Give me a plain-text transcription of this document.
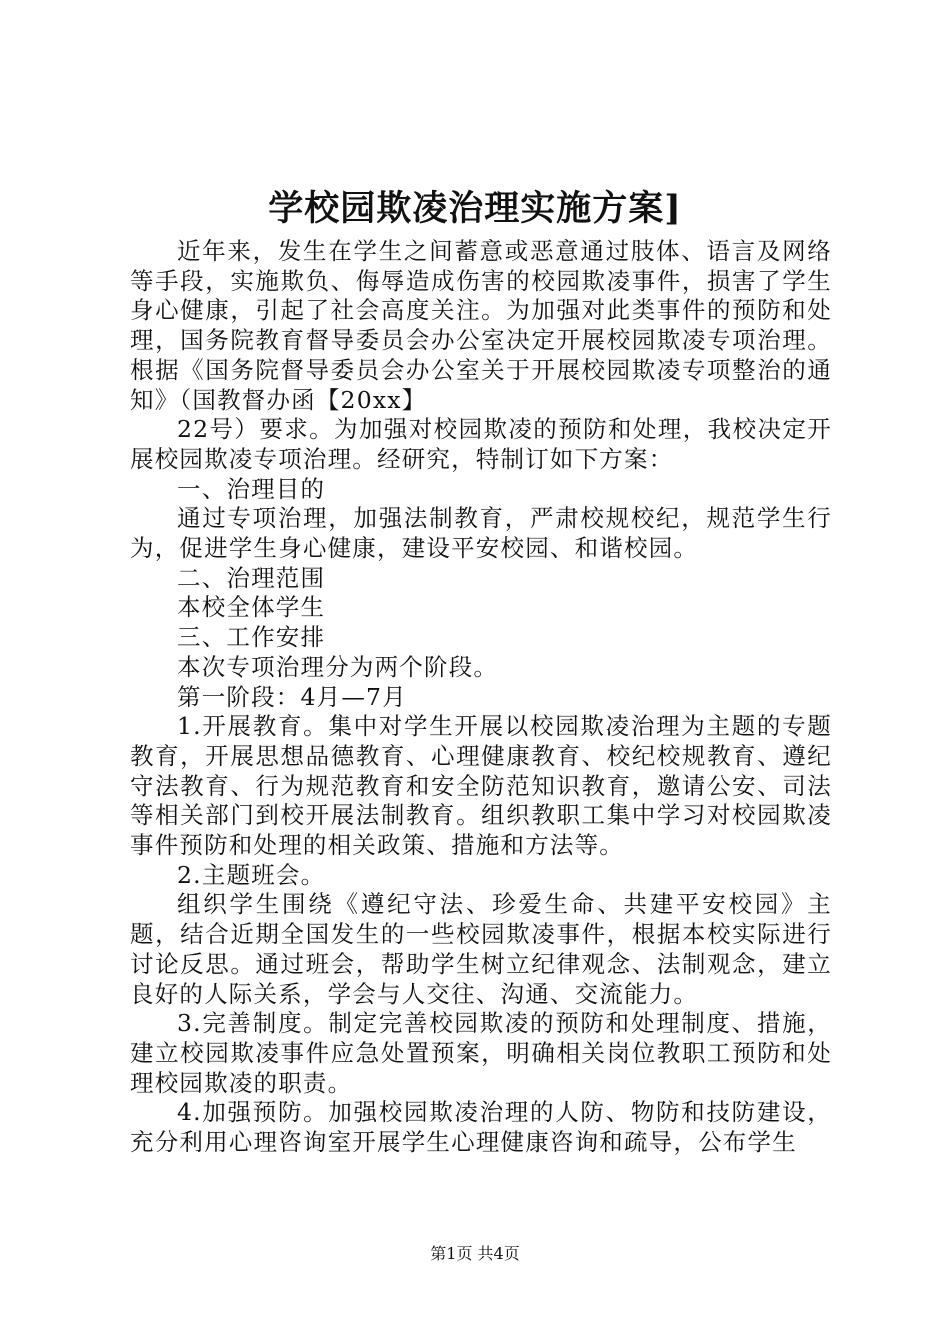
学校园欺凌治理实施方案]

近年来，发生在学生之间蓄意或恶意通过肢体、语言及网络等手段，实施欺负、侮辱造成伤害的校园欺凌事件，损害了学生身心健康，引起了社会高度关注。为加强对此类事件的预防和处理，国务院教育督导委员会办公室决定开展校园欺凌专项治理。根据《国务院督导委员会办公室关于开展校园欺凌专项整治的通知》（国教督办函【20xx】

22号）要求。为加强对校园欺凌的预防和处理，我校决定开展校园欺凌专项治理。经研究，特制订如下方案：

一、治理目的

通过专项治理，加强法制教育，严肃校规校纪，规范学生行为，促进学生身心健康，建设平安校园、和谐校园。

二、治理范围

本校全体学生

三、工作安排

本次专项治理分为两个阶段。

第一阶段：4月—7月

1.开展教育。集中对学生开展以校园欺凌治理为主题的专题教育，开展思想品德教育、心理健康教育、校纪校规教育、遵纪守法教育、行为规范教育和安全防范知识教育，邀请公安、司法等相关部门到校开展法制教育。组织教职工集中学习对校园欺凌事件预防和处理的相关政策、措施和方法等。

2.主题班会。

组织学生围绕《遵纪守法、珍爱生命、共建平安校园》主题，结合近期全国发生的一些校园欺凌事件，根据本校实际进行讨论反思。通过班会，帮助学生树立纪律观念、法制观念，建立良好的人际关系，学会与人交往、沟通、交流能力。

3.完善制度。制定完善校园欺凌的预防和处理制度、措施，建立校园欺凌事件应急处置预案，明确相关岗位教职工预防和处理校园欺凌的职责。

4.加强预防。加强校园欺凌治理的人防、物防和技防建设，充分利用心理咨询室开展学生心理健康咨询和疏导，公布学生

第1页 共4页
